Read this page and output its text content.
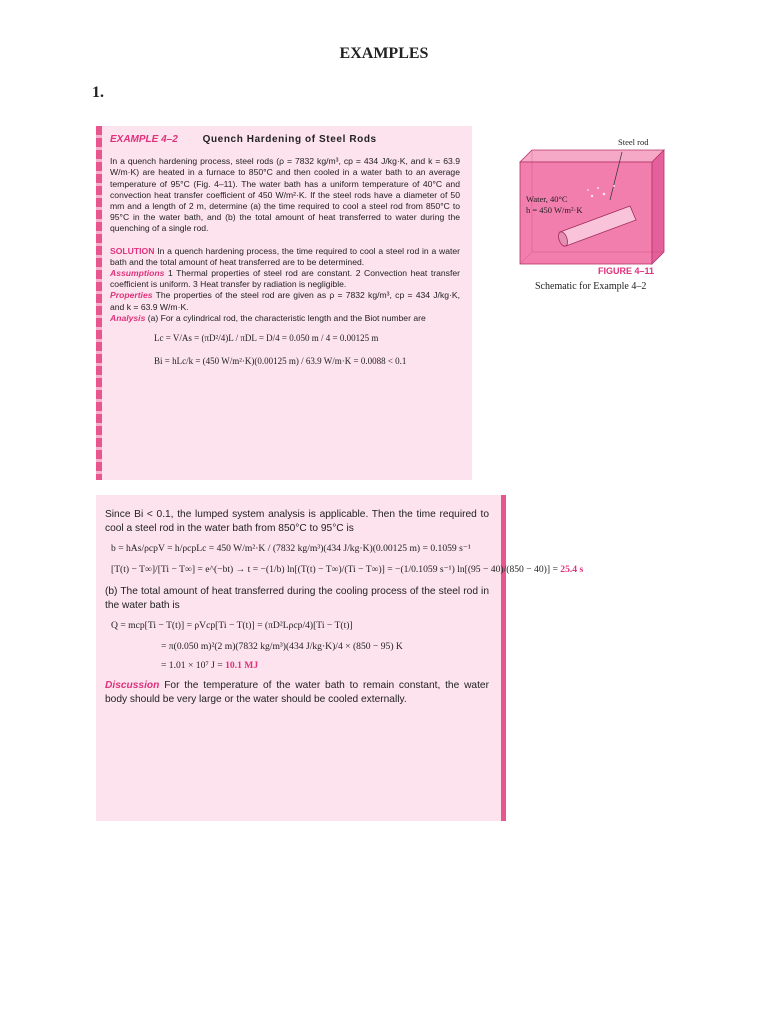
EXAMPLES
1.
EXAMPLE 4–2 Quench Hardening of Steel Rods

In a quench hardening process, steel rods (ρ = 7832 kg/m³, cp = 434 J/kg·K, and k = 63.9 W/m·K) are heated in a furnace to 850°C and then cooled in a water bath to an average temperature of 95°C (Fig. 4–11). The water bath has a uniform temperature of 40°C and convection heat transfer coefficient of 450 W/m²·K. If the steel rods have a diameter of 50 mm and a length of 2 m, determine (a) the time required to cool a steel rod from 850°C to 95°C in the water bath, and (b) the total amount of heat transferred to water during the quenching of a single rod.

SOLUTION In a quench hardening process, the time required to cool a steel rod in a water bath and the total amount of heat transferred are to be determined.

Assumptions 1 Thermal properties of steel rod are constant. 2 Convection heat transfer coefficient is uniform. 3 Heat transfer by radiation is negligible.

Properties The properties of the steel rod are given as ρ = 7832 kg/m³, cp = 434 J/kg·K, and k = 63.9 W/m·K.

Analysis (a) For a cylindrical rod, the characteristic length and the Biot number are

Lc = V/As = (πD²/4)L / πDL = D/4 = 0.050 m / 4 = 0.00125 m
Bi = hLc/k = (450 W/m²·K)(0.00125 m) / 63.9 W/m·K = 0.0088 < 0.1
Steel rod
Water, 40°C
h = 450 W/m²·K
FIGURE 4–11
Schematic for Example 4–2

Since Bi < 0.1, the lumped system analysis is applicable. Then the time required to cool a steel rod in the water bath from 850°C to 95°C is

b = hAs/ρcpV = h/ρcpLc = 450 W/m²·K / (7832 kg/m³)(434 J/kg·K)(0.00125 m) = 0.1059 s⁻¹
[T(t) − T∞]/[Ti − T∞] = e^(−bt) → t = −(1/b) ln[(T(t) − T∞)/(Ti − T∞)] = −(1/0.1059 s⁻¹) ln[(95 − 40)/(850 − 40)] = 25.4 s

(b) The total amount of heat transferred during the cooling process of the steel rod in the water bath is

Q = mcp[Ti − T(t)] = ρVcp[Ti − T(t)] = (πD²Lρcp/4)[Ti − T(t)]
= π(0.050 m)²(2 m)(7832 kg/m³)(434 J/kg·K)/4 × (850 − 95) K
= 1.01 × 10⁷ J = 10.1 MJ

Discussion For the temperature of the water bath to remain constant, the water body should be very large or the water should be cooled externally.
